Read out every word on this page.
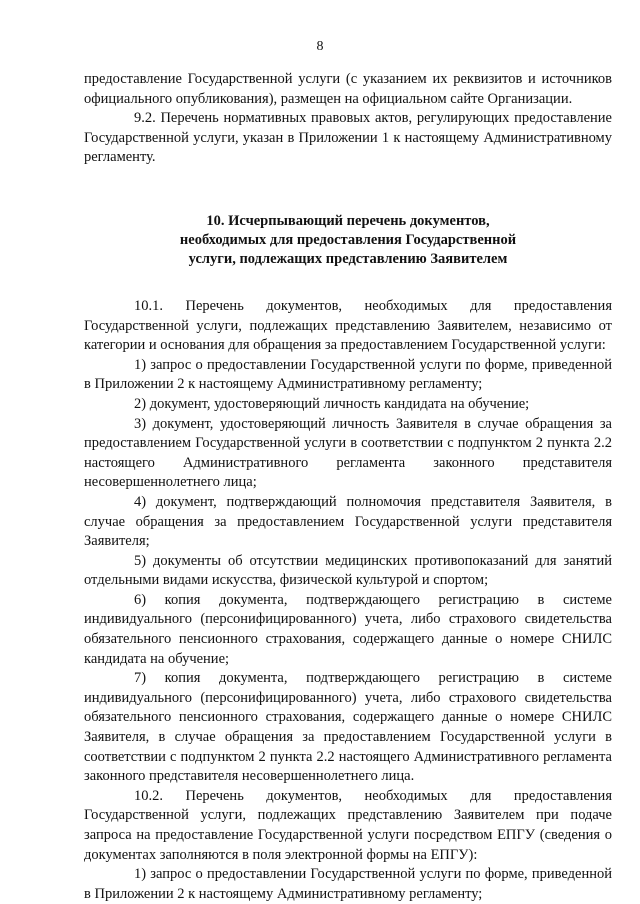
8

предоставление Государственной услуги (с указанием их реквизитов и источников официального опубликования), размещен на официальном сайте Организации.

9.2. Перечень нормативных правовых актов, регулирующих предоставление Государственной услуги, указан в Приложении 1 к настоящему Административному регламенту.

10. Исчерпывающий перечень документов,
необходимых для предоставления Государственной
услуги, подлежащих представлению Заявителем

10.1. Перечень документов, необходимых для предоставления Государственной услуги, подлежащих представлению Заявителем, независимо от категории и основания для обращения за предоставлением Государственной услуги:

1) запрос о предоставлении Государственной услуги по форме, приведенной в Приложении 2 к настоящему Административному регламенту;

2) документ, удостоверяющий личность кандидата на обучение;

3) документ, удостоверяющий личность Заявителя в случае обращения за предоставлением Государственной услуги в соответствии с подпунктом 2 пункта 2.2 настоящего Административного регламента законного представителя несовершеннолетнего лица;

4) документ, подтверждающий полномочия представителя Заявителя, в случае обращения за предоставлением Государственной услуги представителя Заявителя;

5) документы об отсутствии медицинских противопоказаний для занятий отдельными видами искусства, физической культурой и спортом;

6) копия документа, подтверждающего регистрацию в системе индивидуального (персонифицированного) учета, либо страхового свидетельства обязательного пенсионного страхования, содержащего данные о номере СНИЛС кандидата на обучение;

7) копия документа, подтверждающего регистрацию в системе индивидуального (персонифицированного) учета, либо страхового свидетельства обязательного пенсионного страхования, содержащего данные о номере СНИЛС Заявителя, в случае обращения за предоставлением Государственной услуги в соответствии с подпунктом 2 пункта 2.2 настоящего Административного регламента законного представителя несовершеннолетнего лица.

10.2. Перечень документов, необходимых для предоставления Государственной услуги, подлежащих представлению Заявителем при подаче запроса на предоставление Государственной услуги посредством ЕПГУ (сведения о документах заполняются в поля электронной формы на ЕПГУ):

1) запрос о предоставлении Государственной услуги по форме, приведенной в Приложении 2 к настоящему Административному регламенту;
